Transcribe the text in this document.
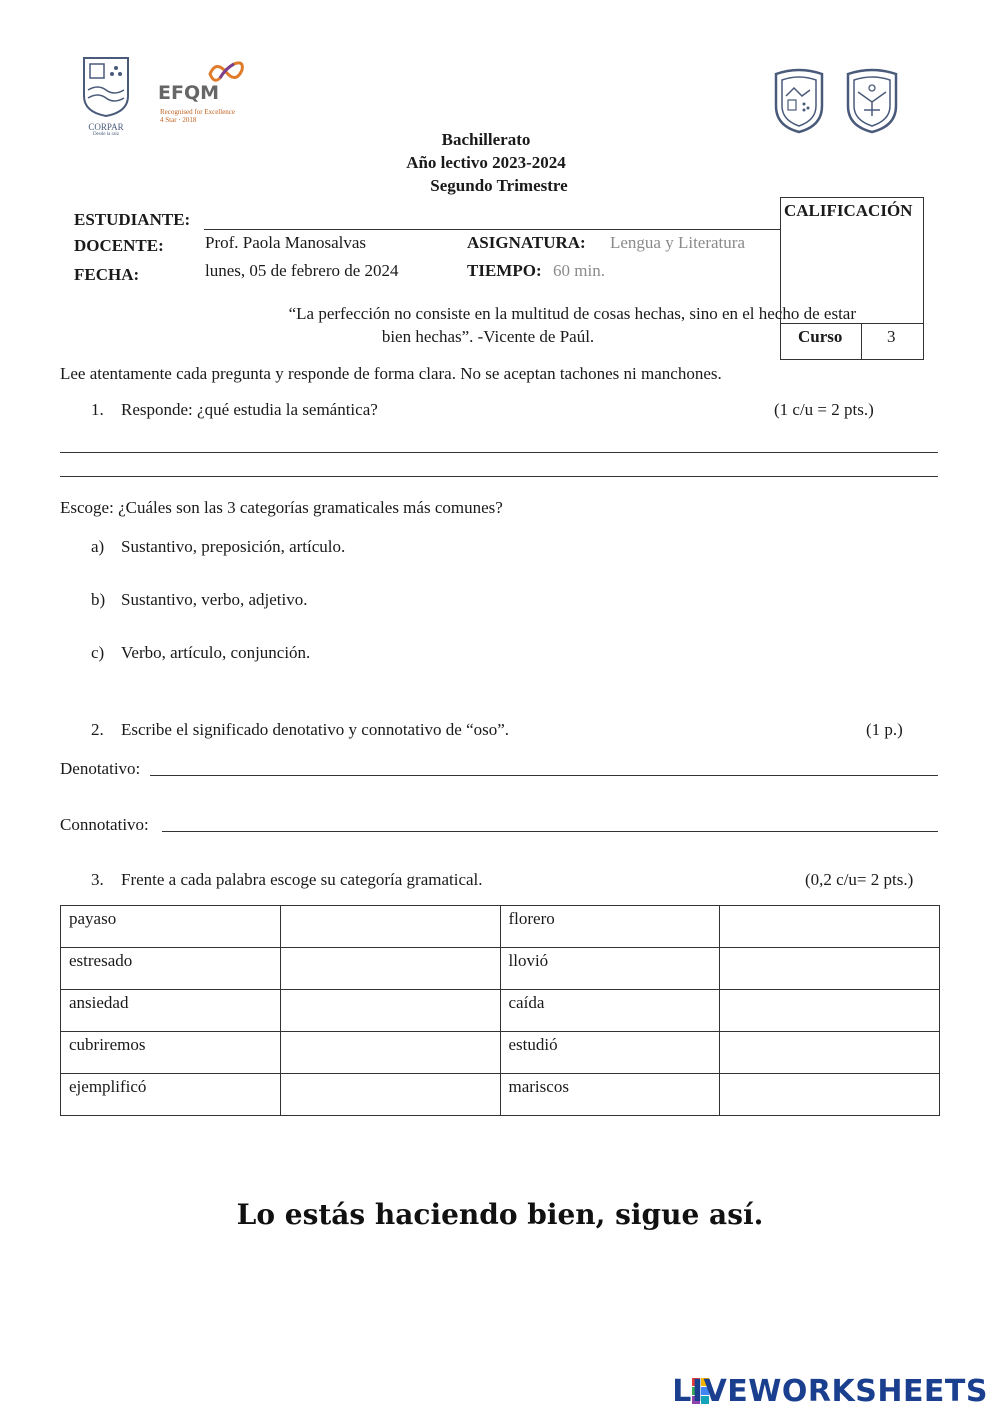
CORPAR
Desde la raíz
EFQM
Recognised for Excellence
4 Star · 2018
Bachillerato
Año lectivo 2023-2024
Segundo Trimestre
ESTUDIANTE:
DOCENTE: Prof. Paola Manosalvas	ASIGNATURA: Lengua y Literatura
FECHA:	lunes, 05 de febrero de 2024	TIEMPO: 60 min.
CALIFICACIÓN
Curso	3
“La perfección no consiste en la multitud de cosas hechas, sino en el hecho de estar
bien hechas”. -Vicente de Paúl.
Lee atentamente cada pregunta y responde de forma clara. No se aceptan tachones ni manchones.
1. Responde: ¿qué estudia la semántica?	(1 c/u = 2 pts.)
Escoge: ¿Cuáles son las 3 categorías gramaticales más comunes?
a) Sustantivo, preposición, artículo.
b) Sustantivo, verbo, adjetivo.
c) Verbo, artículo, conjunción.
2. Escribe el significado denotativo y connotativo de “oso”.	(1 p.)
Denotativo:
Connotativo:
3. Frente a cada palabra escoge su categoría gramatical.	(0,2 c/u= 2 pts.)
payaso		florero	
estresado		llovió	
ansiedad		caída	
cubriremos		estudió	
ejemplificó		mariscos	
Lo estás haciendo bien, sigue así.
LIVEWORKSHEETS
